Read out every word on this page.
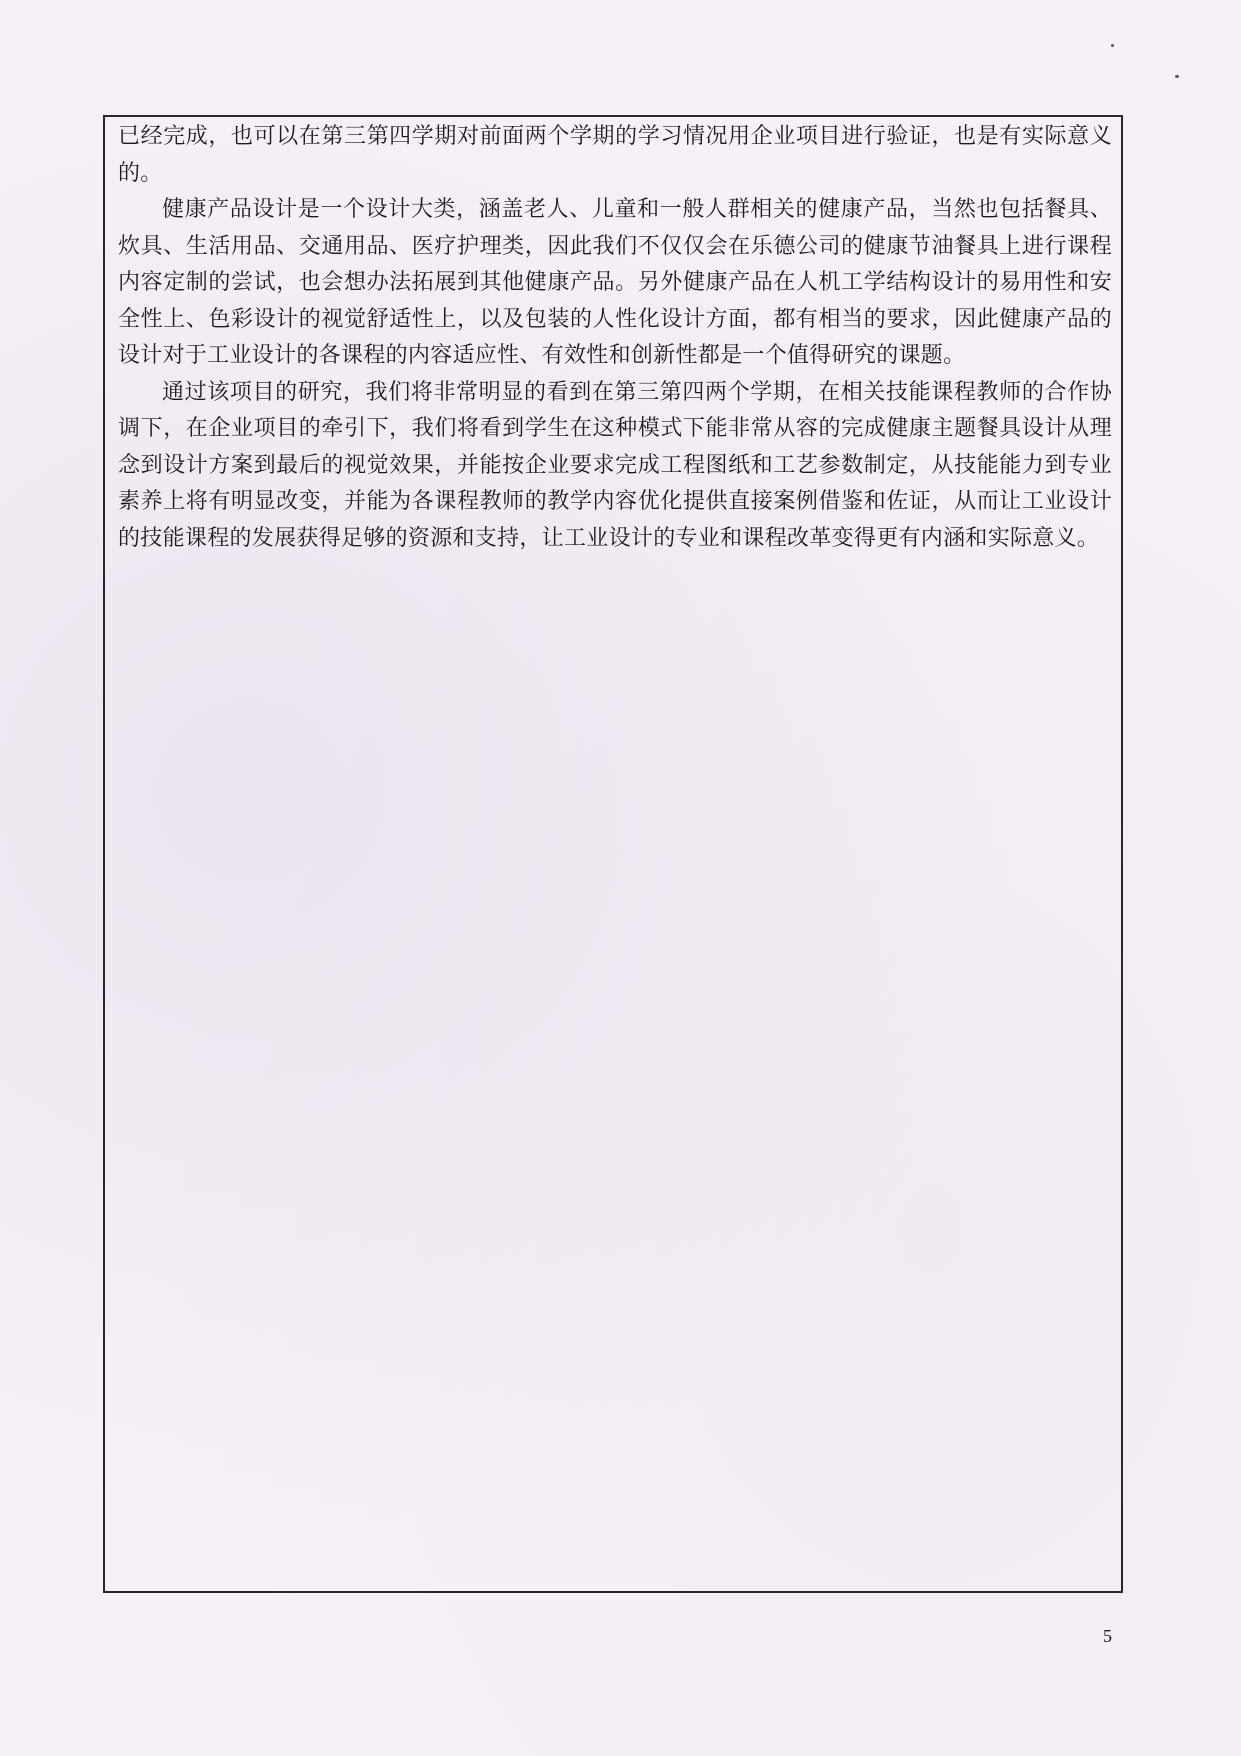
已经完成，也可以在第三第四学期对前面两个学期的学习情况用企业项目进行验证，也是有实际意义的。

健康产品设计是一个设计大类，涵盖老人、儿童和一般人群相关的健康产品，当然也包括餐具、炊具、生活用品、交通用品、医疗护理类，因此我们不仅仅会在乐德公司的健康节油餐具上进行课程内容定制的尝试，也会想办法拓展到其他健康产品。另外健康产品在人机工学结构设计的易用性和安全性上、色彩设计的视觉舒适性上，以及包装的人性化设计方面，都有相当的要求，因此健康产品的设计对于工业设计的各课程的内容适应性、有效性和创新性都是一个值得研究的课题。

通过该项目的研究，我们将非常明显的看到在第三第四两个学期，在相关技能课程教师的合作协调下，在企业项目的牵引下，我们将看到学生在这种模式下能非常从容的完成健康主题餐具设计从理念到设计方案到最后的视觉效果，并能按企业要求完成工程图纸和工艺参数制定，从技能能力到专业素养上将有明显改变，并能为各课程教师的教学内容优化提供直接案例借鉴和佐证，从而让工业设计的技能课程的发展获得足够的资源和支持，让工业设计的专业和课程改革变得更有内涵和实际意义。

5
